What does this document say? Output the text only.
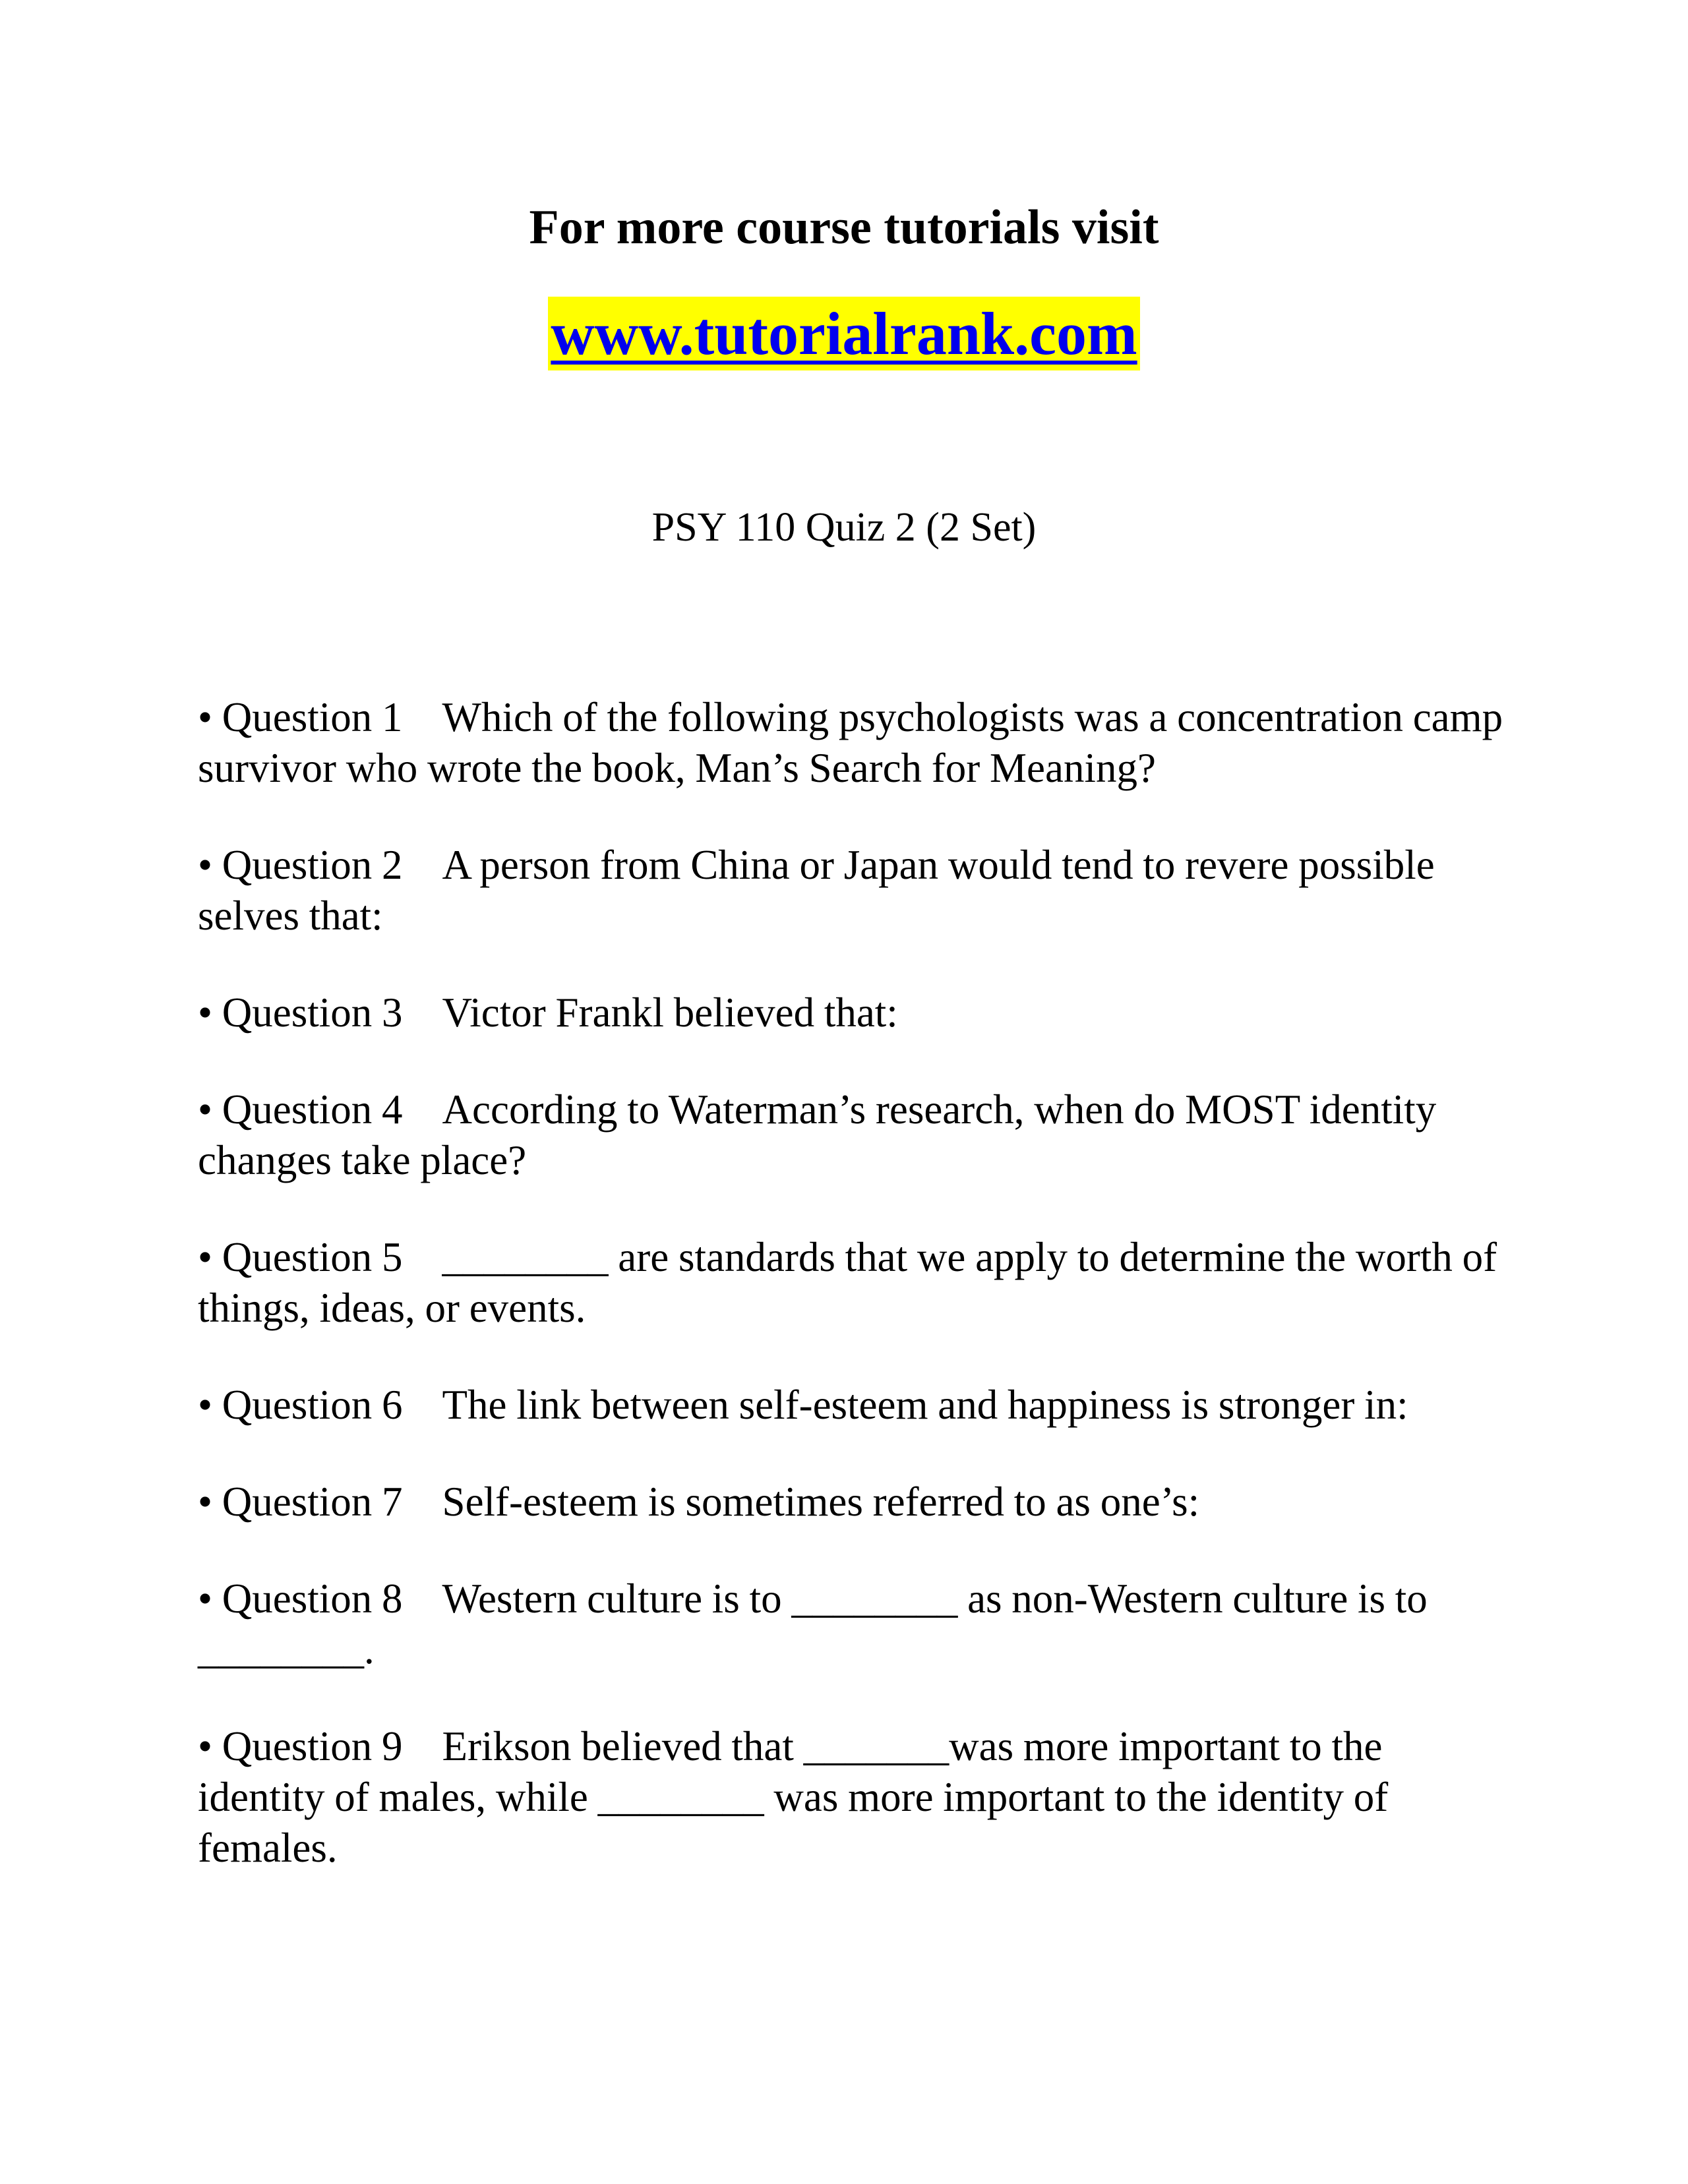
For more course tutorials visit
www.tutorialrank.com
PSY 110 Quiz 2 (2 Set)

• Question 1 Which of the following psychologists was a concentration camp survivor who wrote the book, Man’s Search for Meaning?

• Question 2 A person from China or Japan would tend to revere possible selves that:

• Question 3 Victor Frankl believed that:

• Question 4 According to Waterman’s research, when do MOST identity changes take place?

• Question 5 ________ are standards that we apply to determine the worth of things, ideas, or events.

• Question 6 The link between self-esteem and happiness is stronger in:

• Question 7 Self-esteem is sometimes referred to as one’s:

• Question 8 Western culture is to ________ as non-Western culture is to ________.

• Question 9 Erikson believed that _______was more important to the identity of males, while ________ was more important to the identity of females.
